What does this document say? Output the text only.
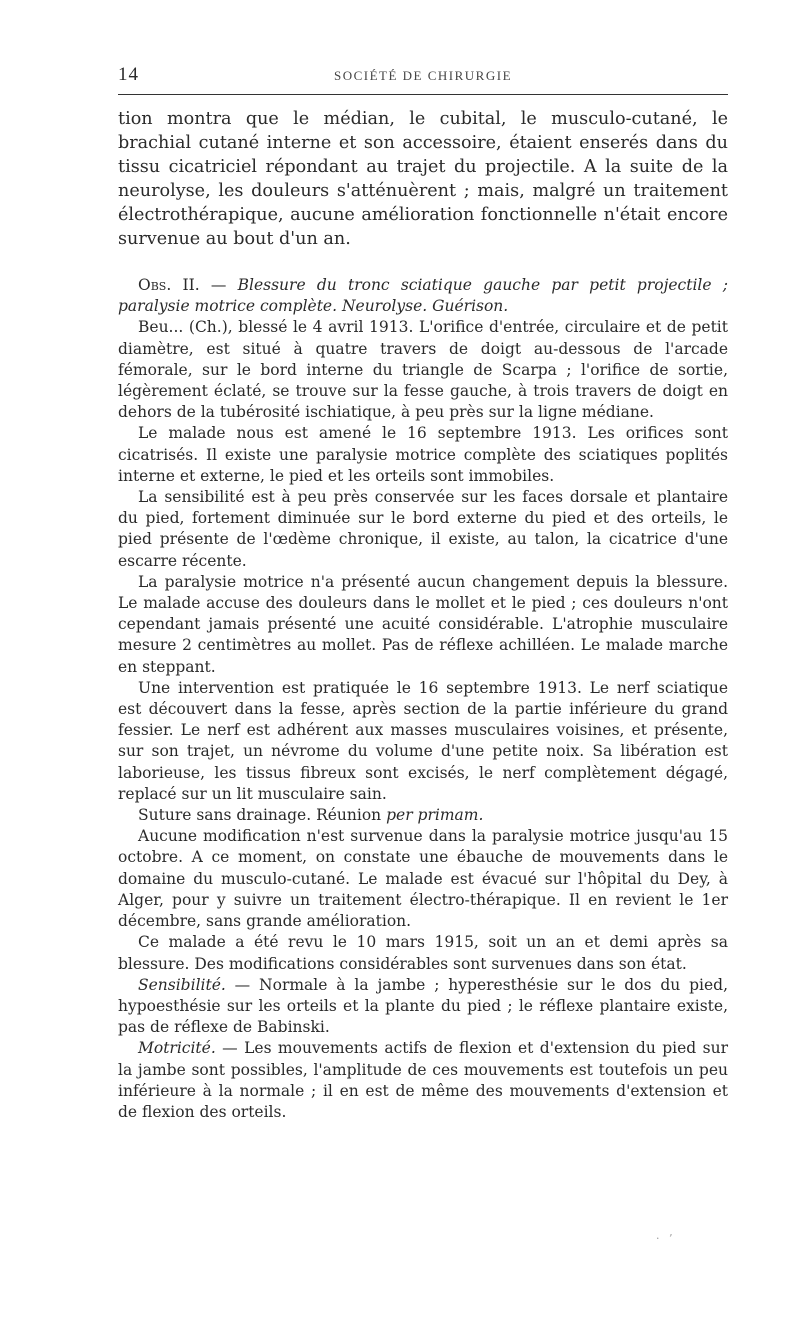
14	SOCIÉTÉ DE CHIRURGIE

tion montra que le médian, le cubital, le musculo-cutané, le brachial cutané interne et son accessoire, étaient enserés dans du tissu cicatriciel répondant au trajet du projectile. A la suite de la neurolyse, les douleurs s'atténuèrent ; mais, malgré un traitement électrothérapique, aucune amélioration fonctionnelle n'était encore survenue au bout d'un an.

Obs. II. — Blessure du tronc sciatique gauche par petit projectile ; paralysie motrice complète. Neurolyse. Guérison.

Beu... (Ch.), blessé le 4 avril 1913. L'orifice d'entrée, circulaire et de petit diamètre, est situé à quatre travers de doigt au-dessous de l'arcade fémorale, sur le bord interne du triangle de Scarpa ; l'orifice de sortie, légèrement éclaté, se trouve sur la fesse gauche, à trois travers de doigt en dehors de la tubérosité ischiatique, à peu près sur la ligne médiane.

Le malade nous est amené le 16 septembre 1913. Les orifices sont cicatrisés. Il existe une paralysie motrice complète des sciatiques poplités interne et externe, le pied et les orteils sont immobiles.

La sensibilité est à peu près conservée sur les faces dorsale et plantaire du pied, fortement diminuée sur le bord externe du pied et des orteils, le pied présente de l'œdème chronique, il existe, au talon, la cicatrice d'une escarre récente.

La paralysie motrice n'a présenté aucun changement depuis la blessure. Le malade accuse des douleurs dans le mollet et le pied ; ces douleurs n'ont cependant jamais présenté une acuité considérable. L'atrophie musculaire mesure 2 centimètres au mollet. Pas de réflexe achilléen. Le malade marche en steppant.

Une intervention est pratiquée le 16 septembre 1913. Le nerf sciatique est découvert dans la fesse, après section de la partie inférieure du grand fessier. Le nerf est adhérent aux masses musculaires voisines, et présente, sur son trajet, un névrome du volume d'une petite noix. Sa libération est laborieuse, les tissus fibreux sont excisés, le nerf complètement dégagé, replacé sur un lit musculaire sain.

Suture sans drainage. Réunion per primam.

Aucune modification n'est survenue dans la paralysie motrice jusqu'au 15 octobre. A ce moment, on constate une ébauche de mouvements dans le domaine du musculo-cutané. Le malade est évacué sur l'hôpital du Dey, à Alger, pour y suivre un traitement électro-thérapique. Il en revient le 1er décembre, sans grande amélioration.

Ce malade a été revu le 10 mars 1915, soit un an et demi après sa blessure. Des modifications considérables sont survenues dans son état.

Sensibilité. — Normale à la jambe ; hyperesthésie sur le dos du pied, hypoesthésie sur les orteils et la plante du pied ; le réflexe plantaire existe, pas de réflexe de Babinski.

Motricité. — Les mouvements actifs de flexion et d'extension du pied sur la jambe sont possibles, l'amplitude de ces mouvements est toutefois un peu inférieure à la normale ; il en est de même des mouvements d'extension et de flexion des orteils.

· ’
